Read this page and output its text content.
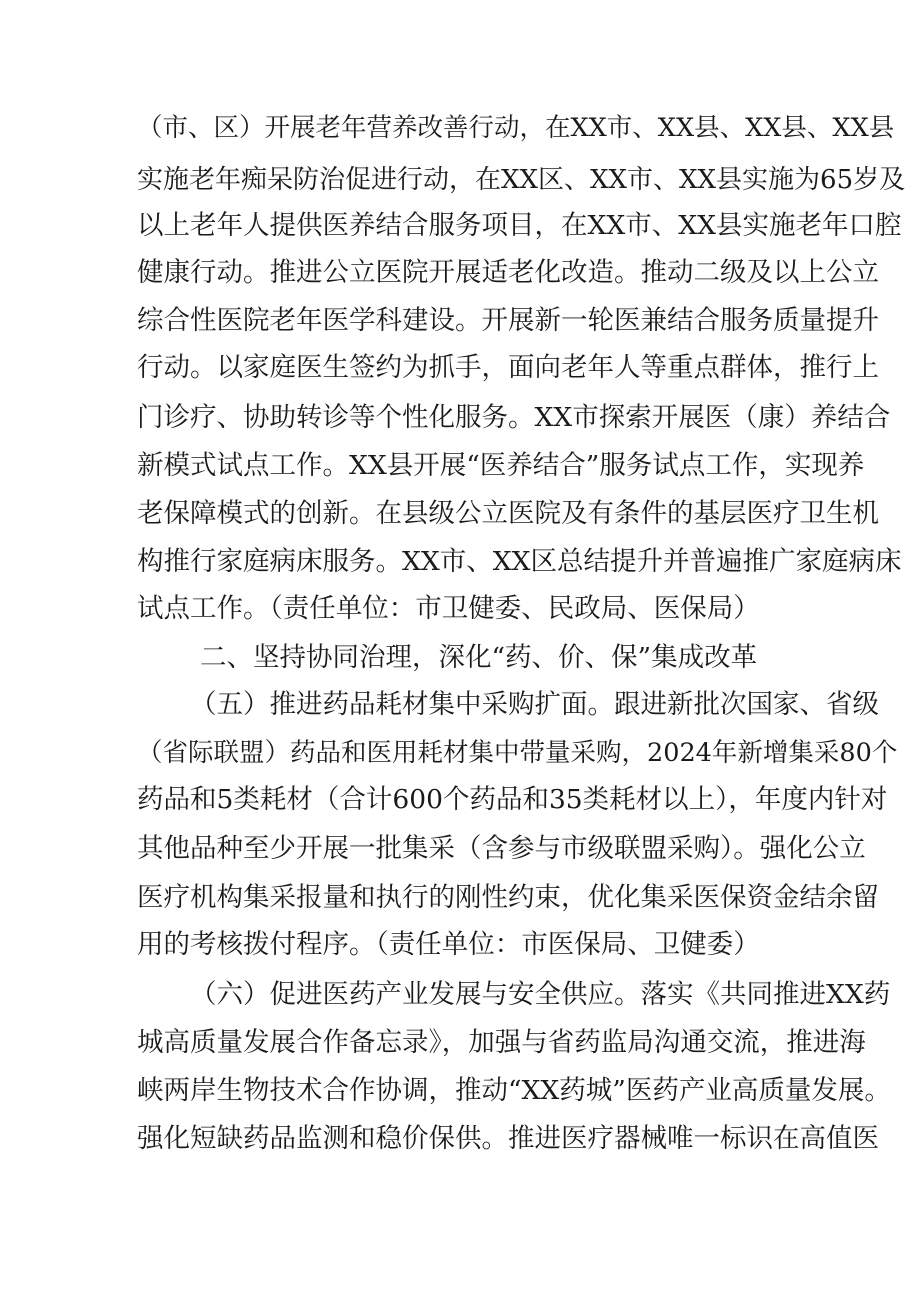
（市、区）开展老年营养改善行动，在XX市、XX县、XX县、XX县
实施老年痴呆防治促进行动，在XX区、XX市、XX县实施为65岁及
以上老年人提供医养结合服务项目，在XX市、XX县实施老年口腔
健康行动。推进公立医院开展适老化改造。推动二级及以上公立
综合性医院老年医学科建设。开展新一轮医兼结合服务质量提升
行动。以家庭医生签约为抓手，面向老年人等重点群体，推行上
门诊疗、协助转诊等个性化服务。XX市探索开展医（康）养结合
新模式试点工作。XX县开展“医养结合”服务试点工作，实现养
老保障模式的创新。在县级公立医院及有条件的基层医疗卫生机
构推行家庭病床服务。XX市、XX区总结提升并普遍推广家庭病床
试点工作。（责任单位：市卫健委、民政局、医保局）
二、坚持协同治理，深化“药、价、保”集成改革
（五）推进药品耗材集中采购扩面。跟进新批次国家、省级
（省际联盟）药品和医用耗材集中带量采购，2024年新增集采80个
药品和5类耗材（合计600个药品和35类耗材以上），年度内针对
其他品种至少开展一批集采（含参与市级联盟采购）。强化公立
医疗机构集采报量和执行的刚性约束，优化集采医保资金结余留
用的考核拨付程序。（责任单位：市医保局、卫健委）
（六）促进医药产业发展与安全供应。落实《共同推进XX药
城高质量发展合作备忘录》，加强与省药监局沟通交流，推进海
峡两岸生物技术合作协调，推动“XX药城”医药产业高质量发展。
强化短缺药品监测和稳价保供。推进医疗器械唯一标识在高值医
